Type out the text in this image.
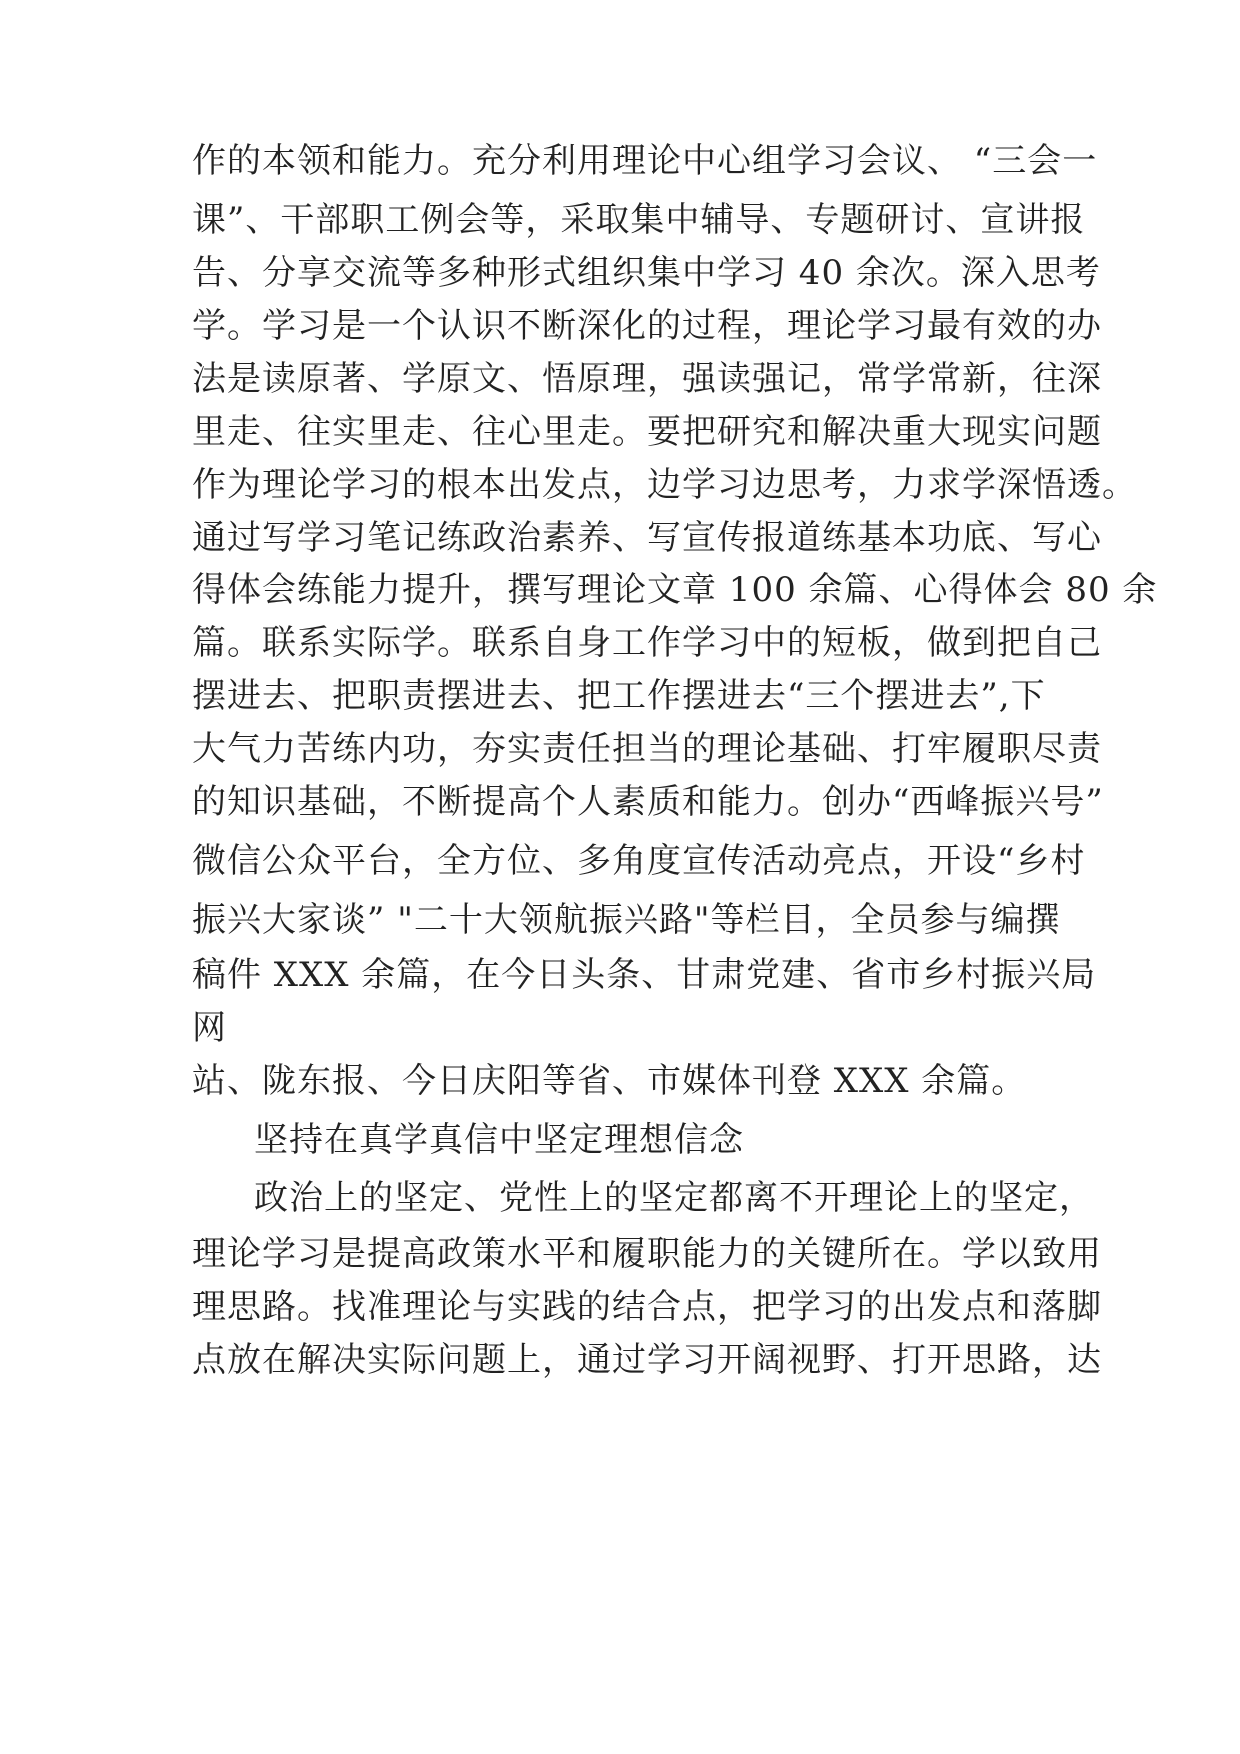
作的本领和能力。充分利用理论中心组学习会议、 “三会一
课”、干部职工例会等，采取集中辅导、专题研讨、宣讲报
告、分享交流等多种形式组织集中学习 40 余次。深入思考
学。学习是一个认识不断深化的过程，理论学习最有效的办
法是读原著、学原文、悟原理，强读强记，常学常新，往深
里走、往实里走、往心里走。要把研究和解决重大现实问题
作为理论学习的根本出发点，边学习边思考，力求学深悟透。
通过写学习笔记练政治素养、写宣传报道练基本功底、写心
得体会练能力提升，撰写理论文章 100 余篇、心得体会 80 余
篇。联系实际学。联系自身工作学习中的短板，做到把自己
摆进去、把职责摆进去、把工作摆进去“三个摆进去”,下
大气力苦练内功，夯实责任担当的理论基础、打牢履职尽责
的知识基础，不断提高个人素质和能力。创办“西峰振兴号”
微信公众平台，全方位、多角度宣传活动亮点，开设“乡村
振兴大家谈” "二十大领航振兴路"等栏目，全员参与编撰
稿件 XXX 余篇，在今日头条、甘肃党建、省市乡村振兴局
网
站、陇东报、今日庆阳等省、市媒体刊登 XXX 余篇。
坚持在真学真信中坚定理想信念
政治上的坚定、党性上的坚定都离不开理论上的坚定，
理论学习是提高政策水平和履职能力的关键所在。学以致用
理思路。找准理论与实践的结合点，把学习的出发点和落脚
点放在解决实际问题上，通过学习开阔视野、打开思路，达
